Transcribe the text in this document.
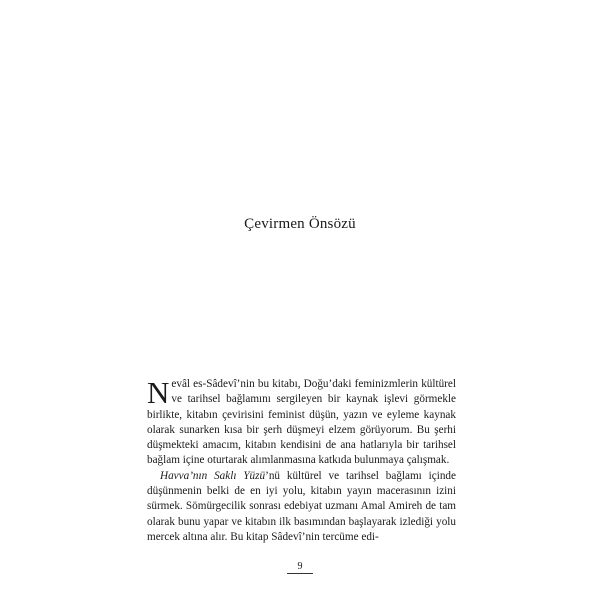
Çevirmen Önsözü

Nevâl es-Sâdevî’nin bu kitabı, Doğu’daki feminizmlerin kültürel ve tarihsel bağlamını sergileyen bir kaynak işlevi görmekle birlikte, kitabın çevirisini feminist düşün, yazın ve eyleme kaynak olarak sunarken kısa bir şerh düşmeyi elzem görüyorum. Bu şerhi düşmekteki amacım, kitabın kendisini de ana hatlarıyla bir tarihsel bağlam içine oturtarak alımlanmasına katkıda bulunmaya çalışmak.

Havva’nın Saklı Yüzü’nü kültürel ve tarihsel bağlamı içinde düşünmenin belki de en iyi yolu, kitabın yayın macerasının izini sürmek. Sömürgecilik sonrası edebiyat uzmanı Amal Amireh de tam olarak bunu yapar ve kitabın ilk basımından başlayarak izlediği yolu mercek altına alır. Bu kitap Sâdevî’nin tercüme edi-

9
